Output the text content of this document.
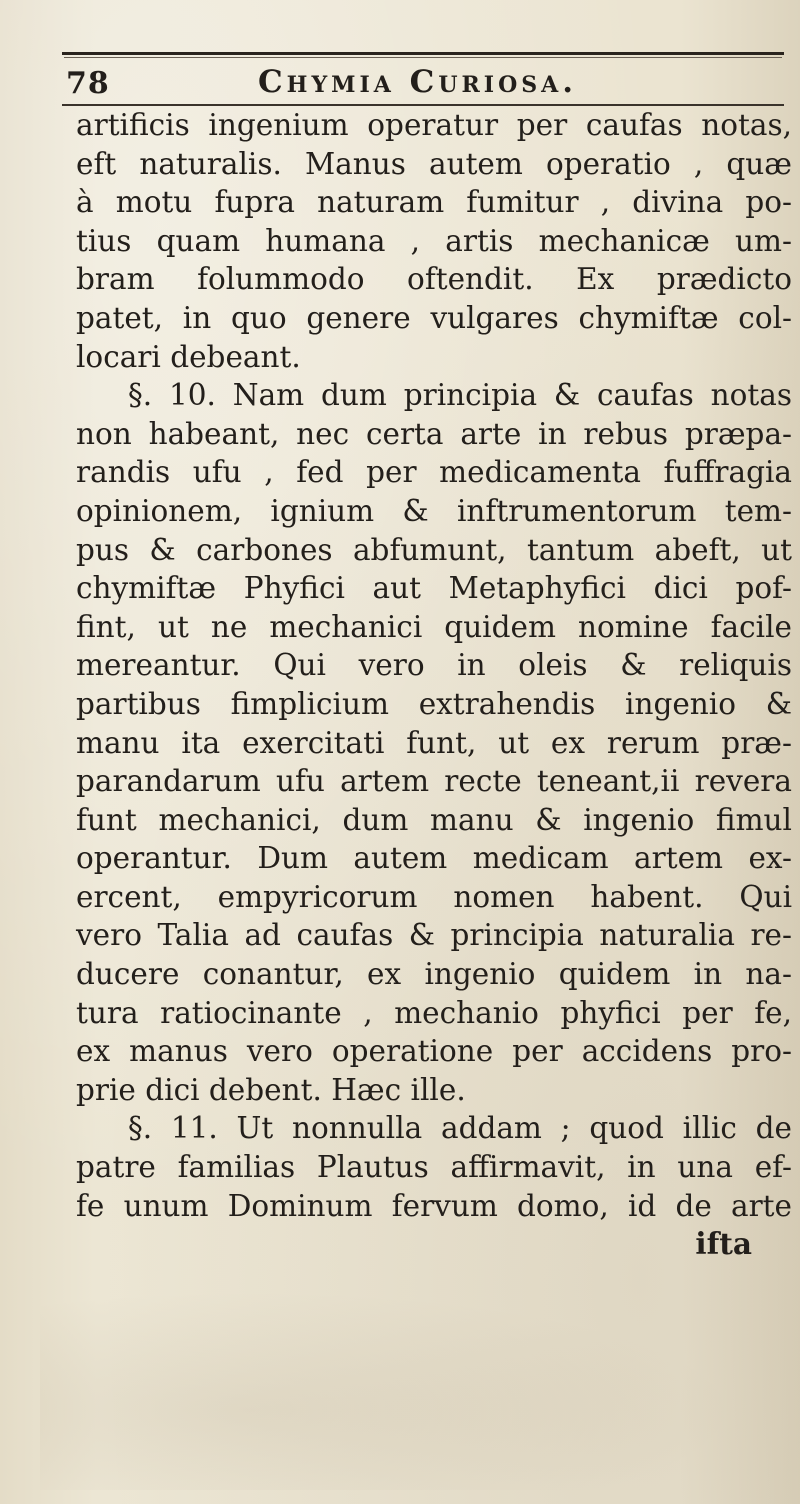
78	Chymia Curiosa.
artificis ingenium operatur per caufas notas,
eft naturalis. Manus autem operatio , quæ
à motu fupra naturam fumitur , divina po-
tius quam humana , artis mechanicæ um-
bram folummodo oftendit. Ex prædicto
patet, in quo genere vulgares chymiftæ col-
locari debeant.
§. 10. Nam dum principia & caufas notas
non habeant, nec certa arte in rebus præpa-
randis ufu , fed per medicamenta fuffragia
opinionem, ignium & inftrumentorum tem-
pus & carbones abfumunt, tantum abeft, ut
chymiftæ Phyfici aut Metaphyfici dici pof-
fint, ut ne mechanici quidem nomine facile
mereantur. Qui vero in oleis & reliquis
partibus fimplicium extrahendis ingenio &
manu ita exercitati funt, ut ex rerum præ-
parandarum ufu artem recte teneant,ii revera
funt mechanici, dum manu & ingenio fimul
operantur. Dum autem medicam artem ex-
ercent, empyricorum nomen habent. Qui
vero Talia ad caufas & principia naturalia re-
ducere conantur, ex ingenio quidem in na-
tura ratiocinante , mechanio phyfici per fe,
ex manus vero operatione per accidens pro-
prie dici debent. Hæc ille.
§. 11. Ut nonnulla addam ; quod illic de
patre familias Plautus affirmavit, in una ef-
fe unum Dominum fervum domo, id de arte
ifta
